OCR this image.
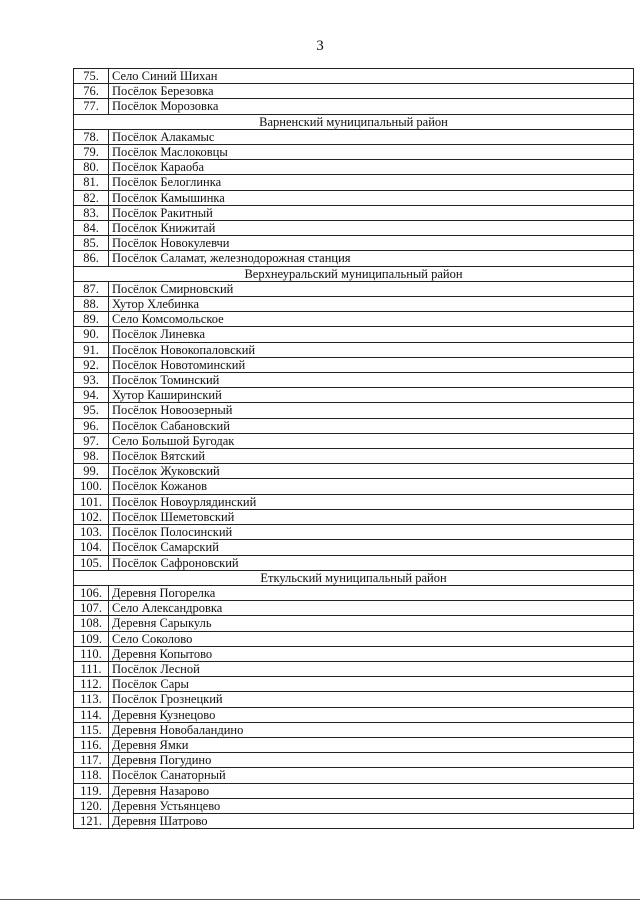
3
75.	Село Синий Шихан
76.	Посёлок Березовка
77.	Посёлок Морозовка
Варненский муниципальный район	
78.	Посёлок Алакамыс
79.	Посёлок Маслоковцы
80.	Посёлок Караоба
81.	Посёлок Белоглинка
82.	Посёлок Камышинка
83.	Посёлок Ракитный
84.	Посёлок Книжитай
85.	Посёлок Новокулевчи
86.	Посёлок Саламат, железнодорожная станция
Верхнеуральский муниципальный район	
87.	Посёлок Смирновский
88.	Хутор Хлебинка
89.	Село Комсомольское
90.	Посёлок Линевка
91.	Посёлок Новокопаловский
92.	Посёлок Новотоминский
93.	Посёлок Томинский
94.	Хутор Каширинский
95.	Посёлок Новоозерный
96.	Посёлок Сабановский
97.	Село Большой Бугодак
98.	Посёлок Вятский
99.	Посёлок Жуковский
100.	Посёлок Кожанов
101.	Посёлок Новоурлядинский
102.	Посёлок Шеметовский
103.	Посёлок Полосинский
104.	Посёлок Самарский
105.	Посёлок Сафроновский
Еткульский муниципальный район	
106.	Деревня Погорелка
107.	Село Александровка
108.	Деревня Сарыкуль
109.	Село Соколово
110.	Деревня Копытово
111.	Посёлок Лесной
112.	Посёлок Сары
113.	Посёлок Грознецкий
114.	Деревня Кузнецово
115.	Деревня Новобаландино
116.	Деревня Ямки
117.	Деревня Погудино
118.	Посёлок Санаторный
119.	Деревня Назарово
120.	Деревня Устьянцево
121.	Деревня Шатрово
